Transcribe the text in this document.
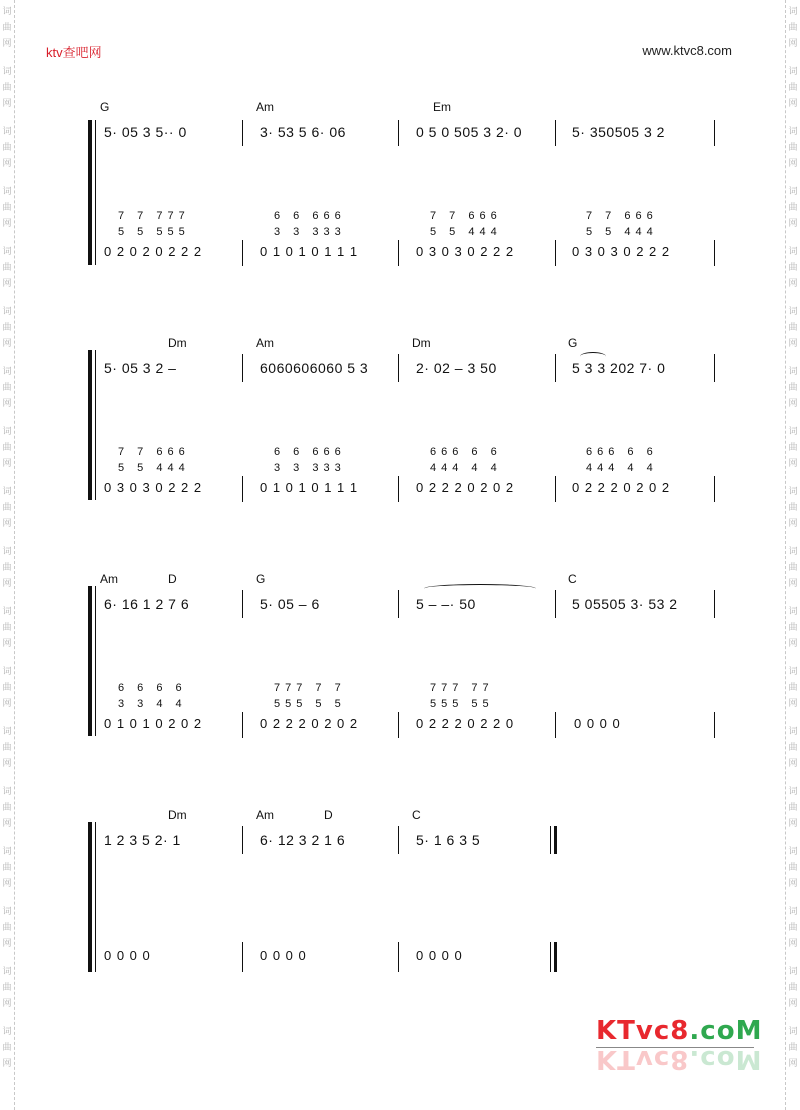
词
曲
网
词
曲
网
词
曲
网
词
曲
网
词
曲
网
词
曲
网
词
曲
网
词
曲
网
词
曲
网
词
曲
网
词
曲
网
词
曲
网
词
曲
网
词
曲
网
词
曲
网
词
曲
网
词
曲
网
词
曲
网
词
曲
网
词
曲
网
词
曲
网
词
曲
网
词
曲
网
词
曲
网
词
曲
网
词
曲
网
词
曲
网
词
曲
网
词
曲
网
词
曲
网
词
曲
网
词
曲
网
词
曲
网
词
曲
网
词
曲
网
词
曲
网
ktv查吧网	www.ktvc8.com
G	Am	Em
5· 05 3 5·· 0	3· 53 5 6· 06	0 5 0 505 3 2· 0	5· 350505 3 2
7 7 777	6 6 666	7 7 666	7 7 666
5 5 555	3 3 333	5 5 444	5 5 444
0 2 0 2 0 2 2 2	0 1 0 1 0 1 1 1	0 3 0 3 0 2 2 2	0 3 0 3 0 2 2 2
Dm	Am	Dm	G
5· 05 3 2 –	6060606060 5 3	2· 02 – 3 50	5 3 3 202 7· 0
7 7 666	6 6 666	666 6 6	666 6 6
5 5 444	3 3 333	444 4 4	444 4 4
0 3 0 3 0 2 2 2	0 1 0 1 0 1 1 1	0 2 2 2 0 2 0 2	0 2 2 2 0 2 0 2
Am	D	G	C
6· 16 1 2 7 6	5· 05 – 6	5 – –· 50	5 05505 3· 53 2
6 6 6 6	777 7 7	777 77
3 3 4 4	555 5 5	555 55
0 1 0 1 0 2 0 2	0 2 2 2 0 2 0 2	0 2 2 2 0 2 2 0	0 0 0 0
Dm	Am	D	C
1 2 3 5 2· 1	6· 12 3 2 1 6	5· 1 6 3 5
0 0 0 0	0 0 0 0	0 0 0 0
KTvc8.coM
KTvc8.coM
